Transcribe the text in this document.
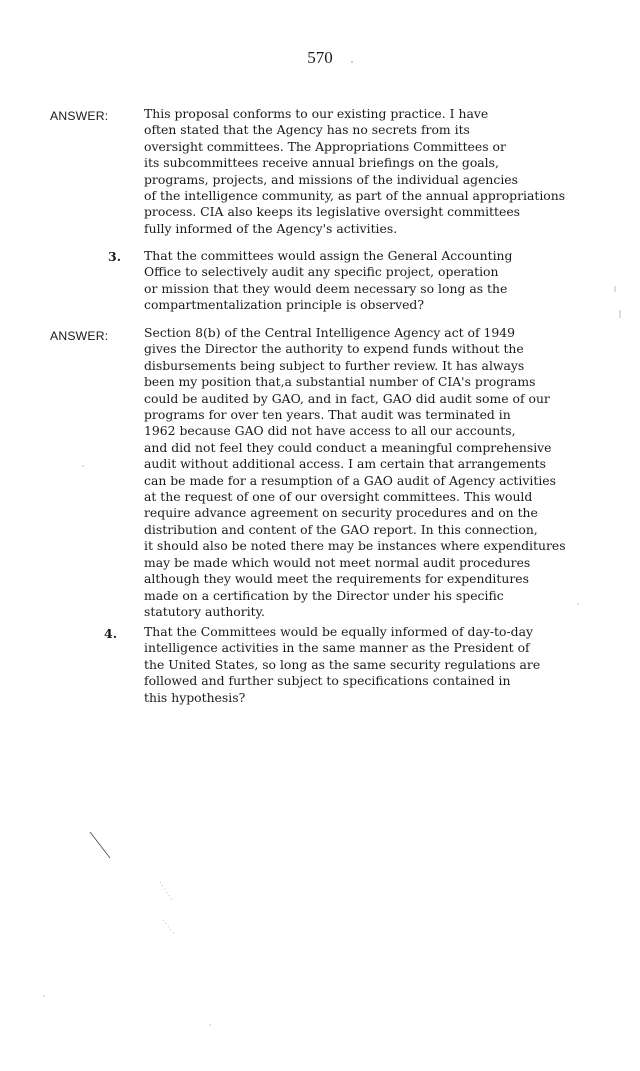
570
ANSWER:	This proposal conforms to our existing practice. I have
often stated that the Agency has no secrets from its
oversight committees. The Appropriations Committees or
its subcommittees receive annual briefings on the goals,
programs, projects, and missions of the individual agencies
of the intelligence community, as part of the annual appropriations
process. CIA also keeps its legislative oversight committees
fully informed of the Agency's activities.
3. That the committees would assign the General Accounting
Office to selectively audit any specific project, operation
or mission that they would deem necessary so long as the
compartmentalization principle is observed?
ANSWER:	Section 8(b) of the Central Intelligence Agency act of 1949
gives the Director the authority to expend funds without the
disbursements being subject to further review. It has always
been my position that,a substantial number of CIA's programs
could be audited by GAO, and in fact, GAO did audit some of our
programs for over ten years. That audit was terminated in
1962 because GAO did not have access to all our accounts,
and did not feel they could conduct a meaningful comprehensive
audit without additional access. I am certain that arrangements
can be made for a resumption of a GAO audit of Agency activities
at the request of one of our oversight committees. This would
require advance agreement on security procedures and on the
distribution and content of the GAO report. In this connection,
it should also be noted there may be instances where expenditures
may be made which would not meet normal audit procedures
although they would meet the requirements for expenditures
made on a certification by the Director under his specific
statutory authority.
4. That the Committees would be equally informed of day-to-day
intelligence activities in the same manner as the President of
the United States, so long as the same security regulations are
followed and further subject to specifications contained in
this hypothesis?
